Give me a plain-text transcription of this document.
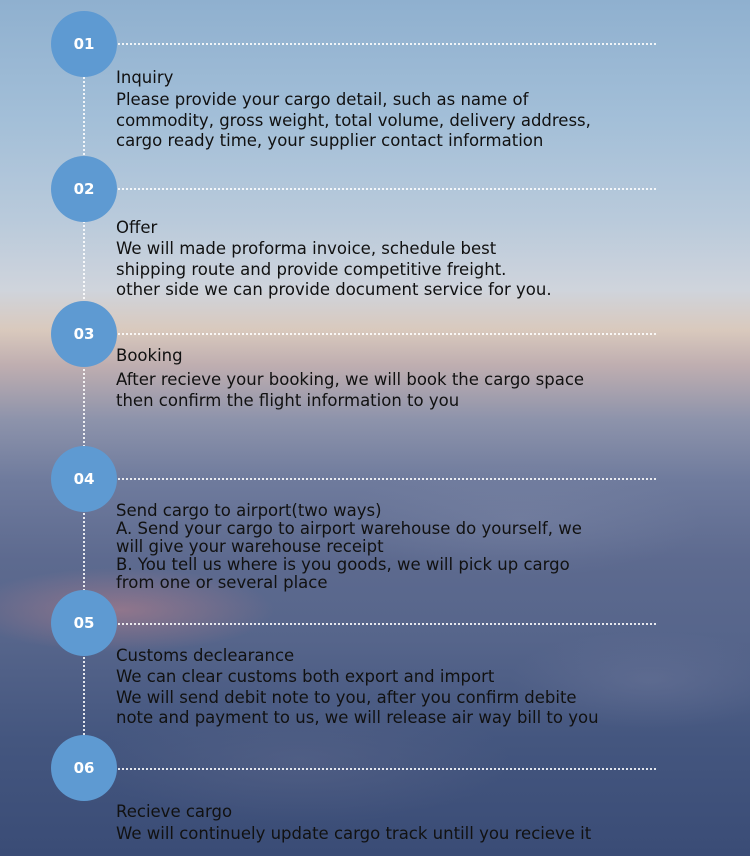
01
Inquiry
Please provide your cargo detail, such as name of
commodity, gross weight, total volume, delivery address,
cargo ready time, your supplier contact information
02
Offer
We will made proforma invoice, schedule best
shipping route and provide competitive freight.
other side we can provide document service for you.
03
Booking
After recieve your booking, we will book the cargo space
then confirm the flight information to you
04
Send cargo to airport(two ways)
A. Send your cargo to airport warehouse do yourself, we
will give your warehouse receipt
B. You tell us where is you goods, we will pick up cargo
from one or several place
05
Customs declearance
We can clear customs both export and import
We will send debit note to you, after you confirm debite
note and payment to us, we will release air way bill to you
06
Recieve cargo
We will continuely update cargo track untill you recieve it
